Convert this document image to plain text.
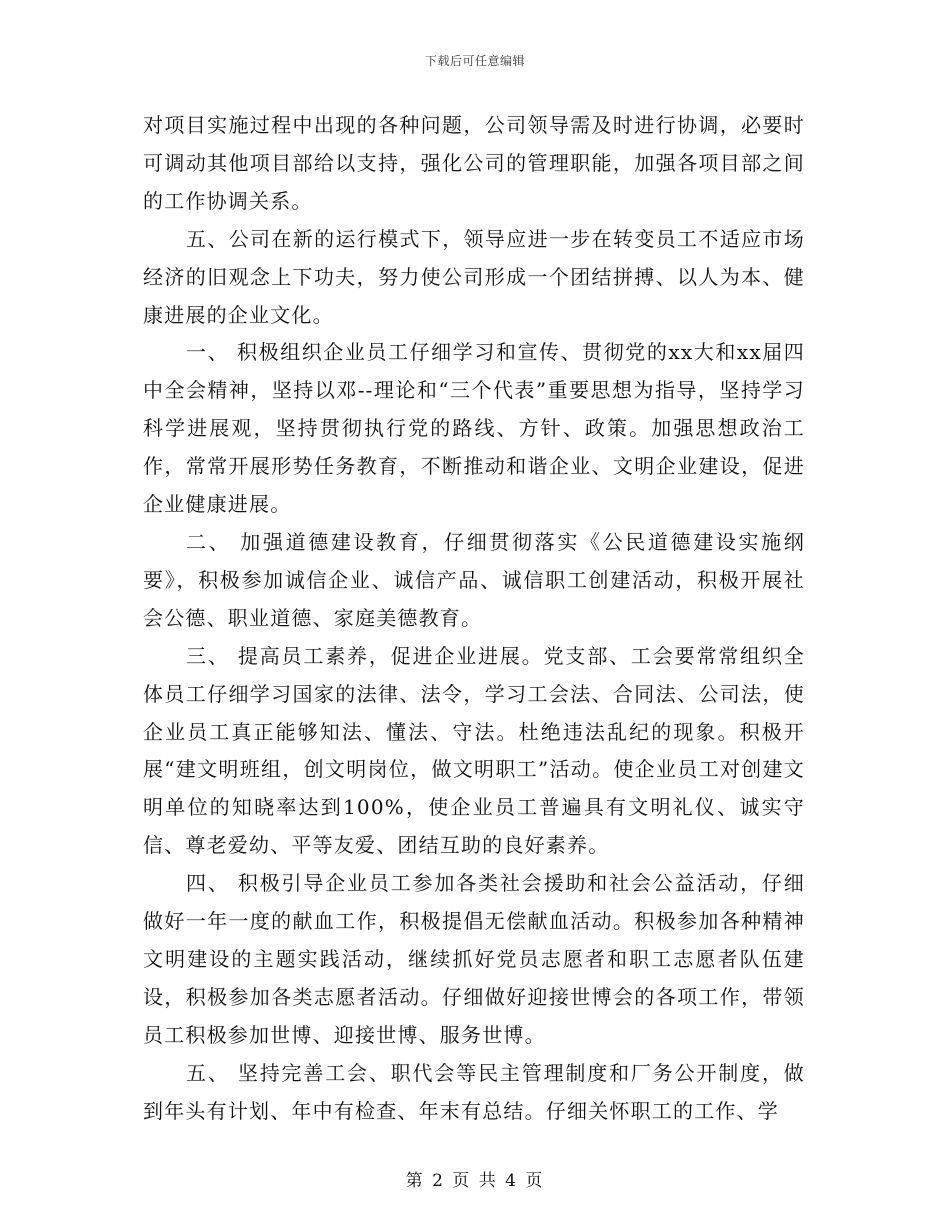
下载后可任意编辑

对项目实施过程中出现的各种问题，公司领导需及时进行协调，必要时可调动其他项目部给以支持，强化公司的管理职能，加强各项目部之间的工作协调关系。

五、公司在新的运行模式下，领导应进一步在转变员工不适应市场经济的旧观念上下功夫，努力使公司形成一个团结拼搏、以人为本、健康进展的企业文化。

一、 积极组织企业员工仔细学习和宣传、贯彻党的xx大和xx届四中全会精神，坚持以邓--理论和“三个代表”重要思想为指导，坚持学习科学进展观，坚持贯彻执行党的路线、方针、政策。加强思想政治工作，常常开展形势任务教育，不断推动和谐企业、文明企业建设，促进企业健康进展。

二、 加强道德建设教育，仔细贯彻落实《公民道德建设实施纲要》，积极参加诚信企业、诚信产品、诚信职工创建活动，积极开展社会公德、职业道德、家庭美德教育。

三、 提高员工素养，促进企业进展。党支部、工会要常常组织全体员工仔细学习国家的法律、法令，学习工会法、合同法、公司法，使企业员工真正能够知法、懂法、守法。杜绝违法乱纪的现象。积极开展“建文明班组，创文明岗位，做文明职工”活动。使企业员工对创建文明单位的知晓率达到100%，使企业员工普遍具有文明礼仪、诚实守信、尊老爱幼、平等友爱、团结互助的良好素养。

四、 积极引导企业员工参加各类社会援助和社会公益活动，仔细做好一年一度的献血工作，积极提倡无偿献血活动。积极参加各种精神文明建设的主题实践活动，继续抓好党员志愿者和职工志愿者队伍建设，积极参加各类志愿者活动。仔细做好迎接世博会的各项工作，带领员工积极参加世博、迎接世博、服务世博。

五、 坚持完善工会、职代会等民主管理制度和厂务公开制度，做到年头有计划、年中有检查、年末有总结。仔细关怀职工的工作、学

第 2 页 共 4 页
